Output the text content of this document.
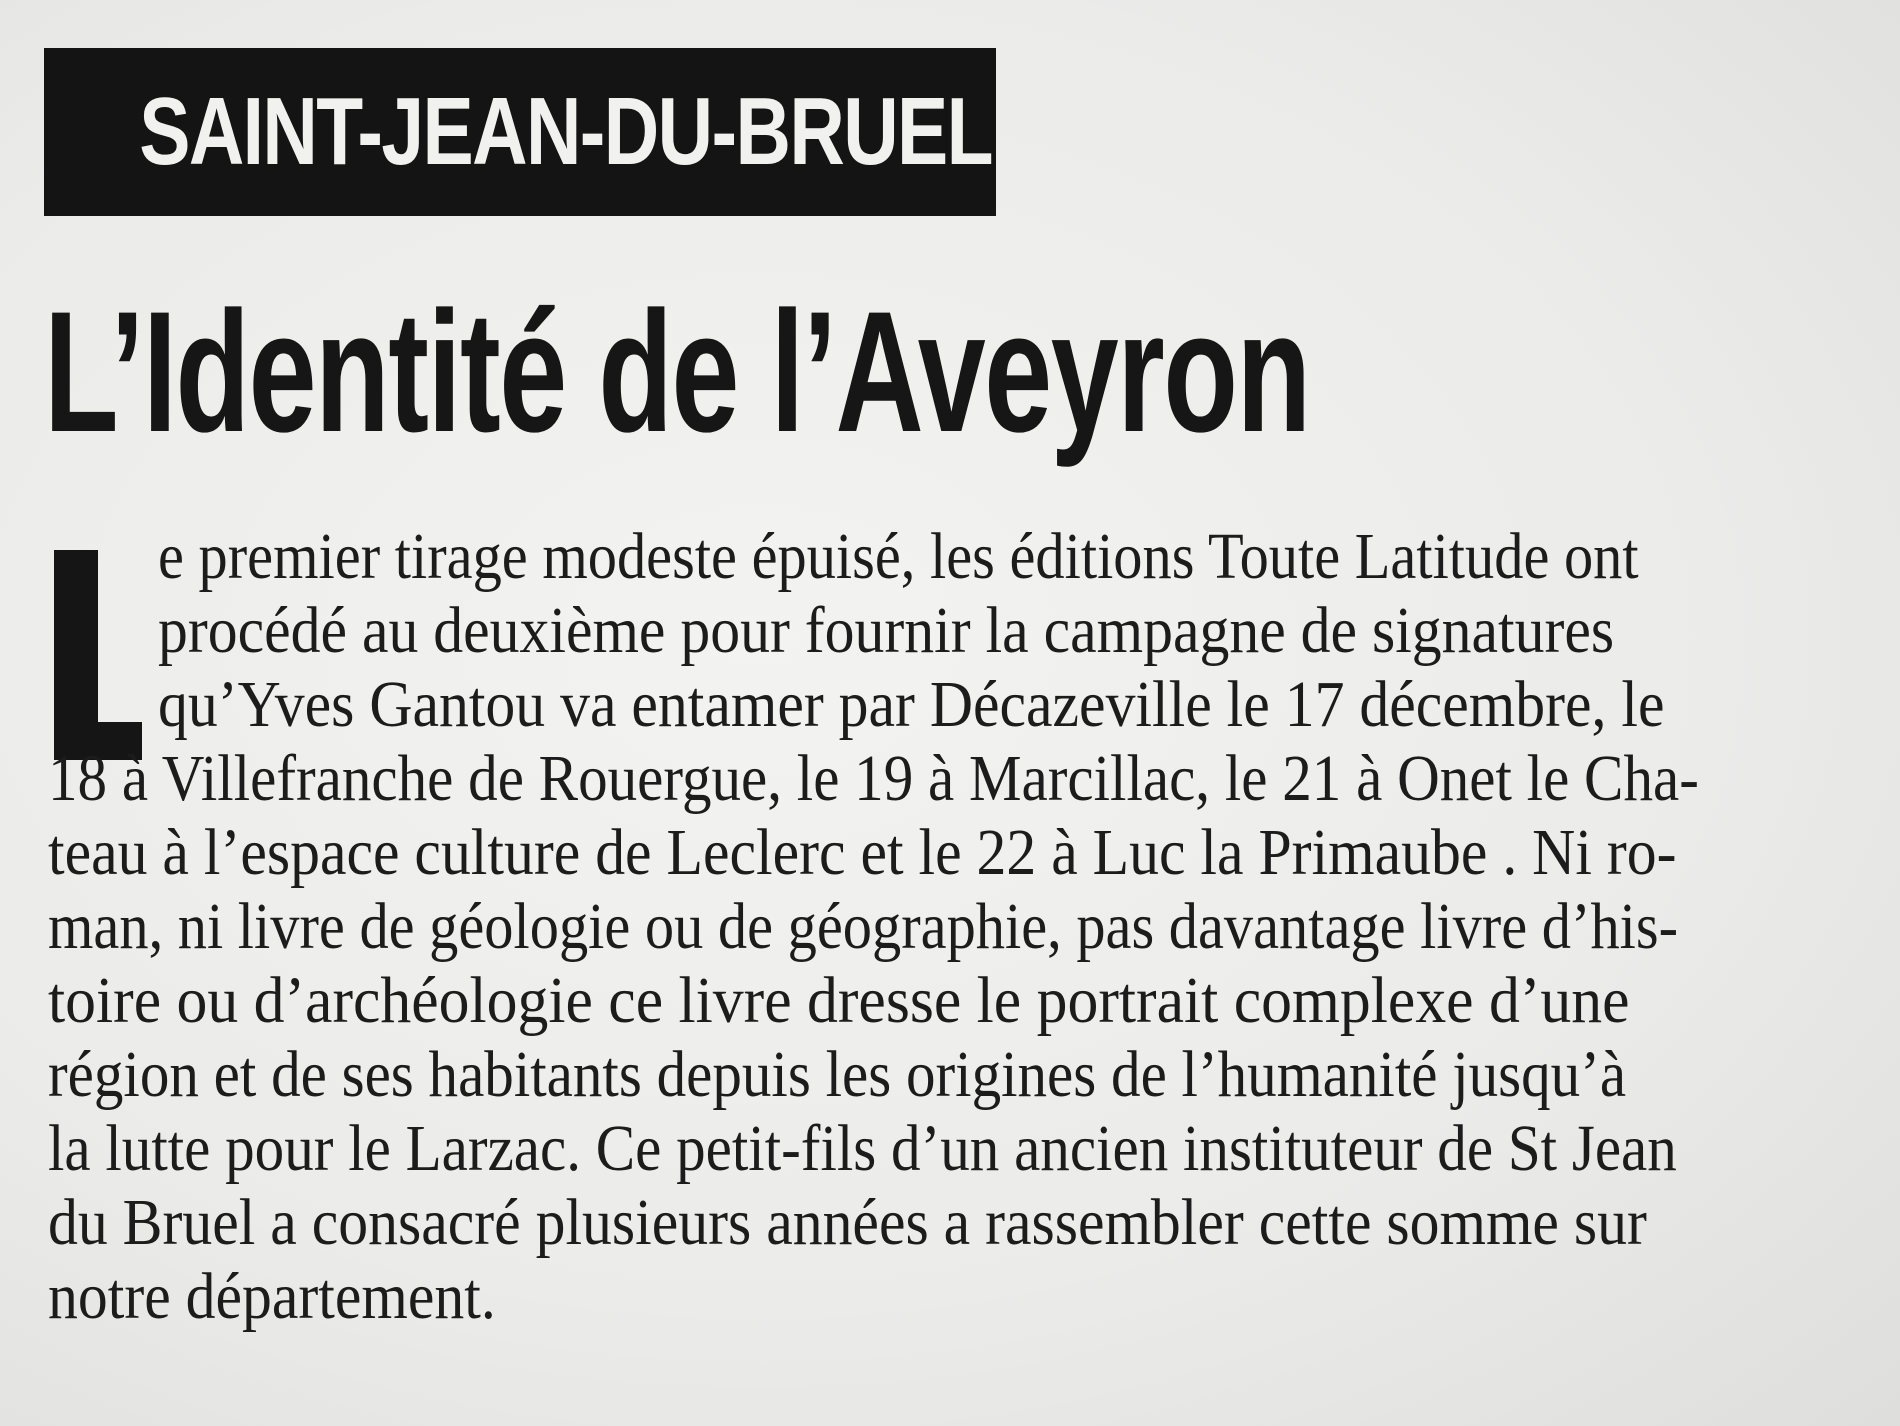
SAINT-JEAN-DU-BRUEL
L’Identité de l’Aveyron
e premier tirage modeste épuisé, les éditions Toute Latitude ont
procédé au deuxième pour fournir la campagne de signatures
qu’Yves Gantou va entamer par Décazeville le 17 décembre, le
18 à Villefranche de Rouergue, le 19 à Marcillac, le 21 à Onet le Cha-
teau à l’espace culture de Leclerc et le 22 à Luc la Primaube . Ni ro-
man, ni livre de géologie ou de géographie, pas davantage livre d’his-
toire ou d’archéologie ce livre dresse le portrait complexe d’une
région et de ses habitants depuis les origines de l’humanité jusqu’à
la lutte pour le Larzac. Ce petit-fils d’un ancien instituteur de St Jean
du Bruel a consacré plusieurs années a rassembler cette somme sur
notre département.
